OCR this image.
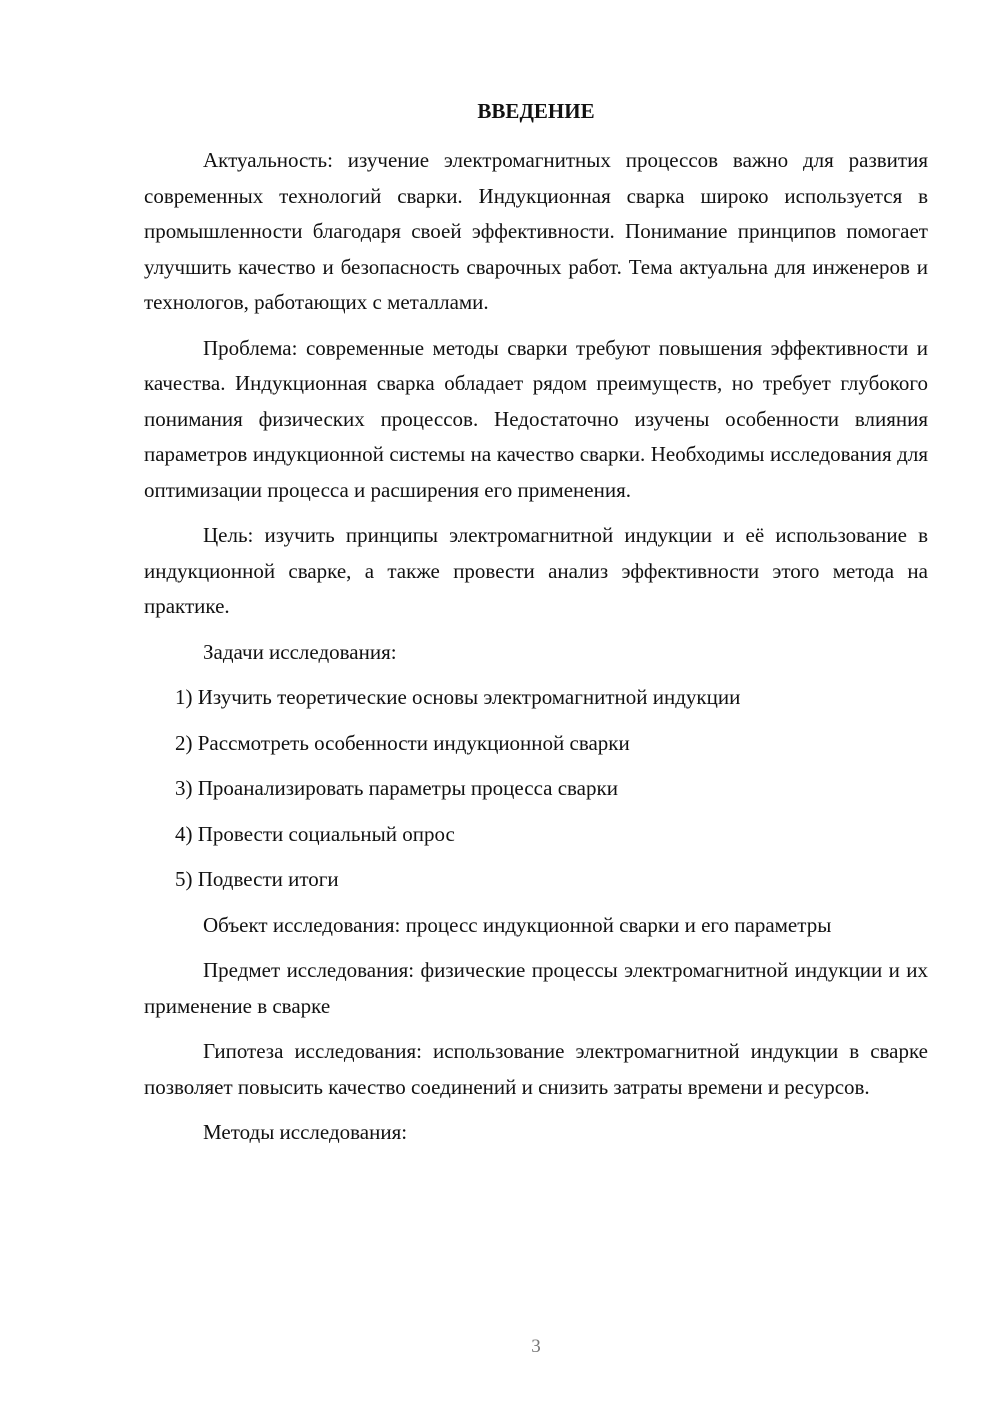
ВВЕДЕНИЕ

Актуальность: изучение электромагнитных процессов важно для развития современных технологий сварки. Индукционная сварка широко используется в промышленности благодаря своей эффективности. Понимание принципов помогает улучшить качество и безопасность сварочных работ. Тема актуальна для инженеров и технологов, работающих с металлами.

Проблема: современные методы сварки требуют повышения эффективности и качества. Индукционная сварка обладает рядом преимуществ, но требует глубокого понимания физических процессов. Недостаточно изучены особенности влияния параметров индукционной системы на качество сварки. Необходимы исследования для оптимизации процесса и расширения его применения.

Цель: изучить принципы электромагнитной индукции и её использование в индукционной сварке, а также провести анализ эффективности этого метода на практике.

Задачи исследования:

1) Изучить теоретические основы электромагнитной индукции

2) Рассмотреть особенности индукционной сварки

3) Проанализировать параметры процесса сварки

4) Провести социальный опрос

5) Подвести итоги

Объект исследования: процесс индукционной сварки и его параметры

Предмет исследования: физические процессы электромагнитной индукции и их применение в сварке

Гипотеза исследования: использование электромагнитной индукции в сварке позволяет повысить качество соединений и снизить затраты времени и ресурсов.

Методы исследования:

3
